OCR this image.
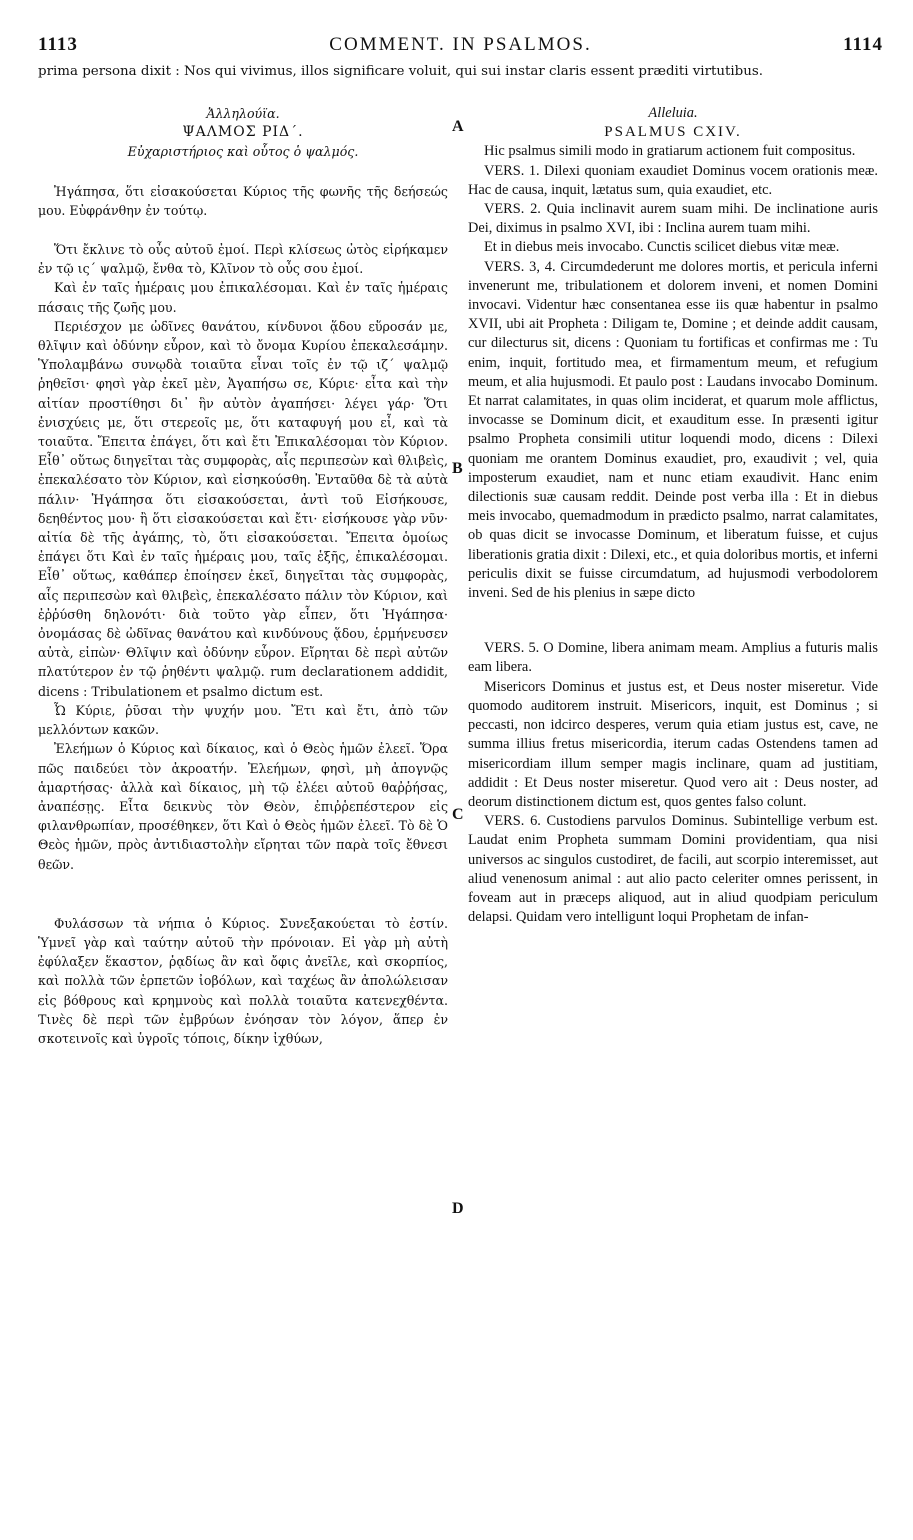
1113	COMMENT. IN PSALMOS.	1114
prima persona dixit : Nos qui vivimus, illos significare voluit, qui sui instar claris essent præditi virtutibus.
A
B
C
D

Ἀλληλούϊα.

ΨΑΛΜΟΣ ΡΙΔ΄.

Εὐχαριστήριος καὶ οὗτος ὁ ψαλμός.

Ἠγάπησα, ὅτι εἰσακούσεται Κύριος τῆς φωνῆς τῆς δεήσεώς μου. Εὐφράνθην ἐν τούτῳ.

Ὅτι ἔκλινε τὸ οὖς αὐτοῦ ἐμοί. Περὶ κλίσεως ὠτὸς εἰρήκαμεν ἐν τῷ ις΄ ψαλμῷ, ἔνθα τὸ, Κλῖνον τὸ οὖς σου ἐμοί.

Καὶ ἐν ταῖς ἡμέραις μου ἐπικαλέσομαι. Καὶ ἐν ταῖς ἡμέραις πάσαις τῆς ζωῆς μου.

Περιέσχον με ὠδῖνες θανάτου, κίνδυνοι ᾅδου εὕροσάν με, θλῖψιν καὶ ὀδύνην εὗρον, καὶ τὸ ὄνομα Κυρίου ἐπεκαλεσάμην. Ὑπολαμβάνω συνῳδὰ τοιαῦτα εἶναι τοῖς ἐν τῷ ιζ΄ ψαλμῷ ῥηθεῖσι· φησὶ γὰρ ἐκεῖ μὲν, Ἀγαπήσω σε, Κύριε· εἶτα καὶ τὴν αἰτίαν προστίθησι δι᾽ ἣν αὐτὸν ἀγαπήσει· λέγει γάρ· Ὅτι ἐνισχύεις με, ὅτι στερεοῖς με, ὅτι καταφυγή μου εἶ, καὶ τὰ τοιαῦτα. Ἔπειτα ἐπάγει, ὅτι καὶ ἔτι Ἐπικαλέσομαι τὸν Κύριον. Εἶθ᾽ οὕτως διηγεῖται τὰς συμφορὰς, αἷς περιπεσὼν καὶ θλιβεὶς, ἐπεκαλέσατο τὸν Κύριον, καὶ εἰσηκούσθη. Ἐνταῦθα δὲ τὰ αὐτὰ πάλιν· Ἠγάπησα ὅτι εἰσακούσεται, ἀντὶ τοῦ Εἰσήκουσε, δεηθέντος μου· ἢ ὅτι εἰσακούσεται καὶ ἔτι· εἰσήκουσε γὰρ νῦν· αἰτία δὲ τῆς ἀγάπης, τὸ, ὅτι εἰσακούσεται. Ἔπειτα ὁμοίως ἐπάγει ὅτι Καὶ ἐν ταῖς ἡμέραις μου, ταῖς ἑξῆς, ἐπικαλέσομαι. Εἶθ᾽ οὕτως, καθάπερ ἐποίησεν ἐκεῖ, διηγεῖται τὰς συμφορὰς, αἷς περιπεσὼν καὶ θλιβεὶς, ἐπεκαλέσατο πάλιν τὸν Κύριον, καὶ ἐῤῥύσθη δηλονότι· διὰ τοῦτο γὰρ εἶπεν, ὅτι Ἠγάπησα· ὀνομάσας δὲ ὠδῖνας θανάτου καὶ κινδύνους ᾅδου, ἑρμήνευσεν αὐτὰ, εἰπὼν· Θλῖψιν καὶ ὀδύνην εὗρον. Εἴρηται δὲ περὶ αὐτῶν πλατύτερον ἐν τῷ ῥηθέντι ψαλμῷ. rum declarationem addidit, dicens : Tribulationem et psalmo dictum est.

Ὦ Κύριε, ῥῦσαι τὴν ψυχήν μου. Ἔτι καὶ ἔτι, ἀπὸ τῶν μελλόντων κακῶν.

Ἐλεήμων ὁ Κύριος καὶ δίκαιος, καὶ ὁ Θεὸς ἡμῶν ἐλεεῖ. Ὅρα πῶς παιδεύει τὸν ἀκροατήν. Ἐλεήμων, φησὶ, μὴ ἀπογνῷς ἁμαρτήσας· ἀλλὰ καὶ δίκαιος, μὴ τῷ ἐλέει αὐτοῦ θαῤῥήσας, ἀναπέσῃς. Εἶτα δεικνὺς τὸν Θεὸν, ἐπιῤῥεπέστερον εἰς φιλανθρωπίαν, προσέθηκεν, ὅτι Καὶ ὁ Θεὸς ἡμῶν ἐλεεῖ. Τὸ δὲ Ὁ Θεὸς ἡμῶν, πρὸς ἀντιδιαστολὴν εἴρηται τῶν παρὰ τοῖς ἔθνεσι θεῶν.

Φυλάσσων τὰ νήπια ὁ Κύριος. Συνεξακούεται τὸ ἐστίν. Ὑμνεῖ γὰρ καὶ ταύτην αὐτοῦ τὴν πρόνοιαν. Εἰ γὰρ μὴ αὐτὴ ἐφύλαξεν ἕκαστον, ῥᾳδίως ἂν καὶ ὄφις ἀνεῖλε, καὶ σκορπίος, καὶ πολλὰ τῶν ἑρπετῶν ἰοβόλων, καὶ ταχέως ἂν ἀπολώλεισαν εἰς βόθρους καὶ κρημνοὺς καὶ πολλὰ τοιαῦτα κατενεχθέντα. Τινὲς δὲ περὶ τῶν ἐμβρύων ἐνόησαν τὸν λόγον, ἅπερ ἐν σκοτεινοῖς καὶ ὑγροῖς τόποις, δίκην ἰχθύων,

Alleluia.

PSALMUS CXIV.

Hic psalmus simili modo in gratiarum actionem fuit compositus.

VERS. 1. Dilexi quoniam exaudiet Dominus vocem orationis meæ. Hac de causa, inquit, lætatus sum, quia exaudiet, etc.

VERS. 2. Quia inclinavit aurem suam mihi. De inclinatione auris Dei, diximus in psalmo XVI, ibi : Inclina aurem tuam mihi.

Et in diebus meis invocabo. Cunctis scilicet diebus vitæ meæ.

VERS. 3, 4. Circumdederunt me dolores mortis, et pericula inferni invenerunt me, tribulationem et dolorem inveni, et nomen Domini invocavi. Videntur hæc consentanea esse iis quæ habentur in psalmo XVII, ubi ait Propheta : Diligam te, Domine ; et deinde addit causam, cur dilecturus sit, dicens : Quoniam tu fortificas et confirmas me : Tu enim, inquit, fortitudo mea, et firmamentum meum, et refugium meum, et alia hujusmodi. Et paulo post : Laudans invocabo Dominum. Et narrat calamitates, in quas olim inciderat, et quarum mole afflictus, invocasse se Dominum dicit, et exauditum esse. In præsenti igitur psalmo Propheta consimili utitur loquendi modo, dicens : Dilexi quoniam me orantem Dominus exaudiet, pro, exaudivit ; vel, quia imposterum exaudiet, nam et nunc etiam exaudivit. Hanc enim dilectionis suæ causam reddit. Deinde post verba illa : Et in diebus meis invocabo, quemadmodum in prædicto psalmo, narrat calamitates, ob quas dicit se invocasse Dominum, et liberatum fuisse, et cujus liberationis gratia dixit : Dilexi, etc., et quia doloribus mortis, et inferni periculis dixit se fuisse circumdatum, ad hujusmodi verbodolorem inveni. Sed de his plenius in sæpe dicto

VERS. 5. O Domine, libera animam meam. Amplius a futuris malis eam libera.

Misericors Dominus et justus est, et Deus noster miseretur. Vide quomodo auditorem instruit. Misericors, inquit, est Dominus ; si peccasti, non idcirco desperes, verum quia etiam justus est, cave, ne summa illius fretus misericordia, iterum cadas Ostendens tamen ad misericordiam illum semper magis inclinare, quam ad justitiam, addidit : Et Deus noster miseretur. Quod vero ait : Deus noster, ad deorum distinctionem dictum est, quos gentes falso colunt.

VERS. 6. Custodiens parvulos Dominus. Subintellige verbum est. Laudat enim Propheta summam Domini providentiam, qua nisi universos ac singulos custodiret, de facili, aut scorpio interemisset, aut aliud venenosum animal : aut alio pacto celeriter omnes perissent, in foveam aut in præceps aliquod, aut in aliud quodpiam periculum delapsi. Quidam vero intelligunt loqui Prophetam de infan-
